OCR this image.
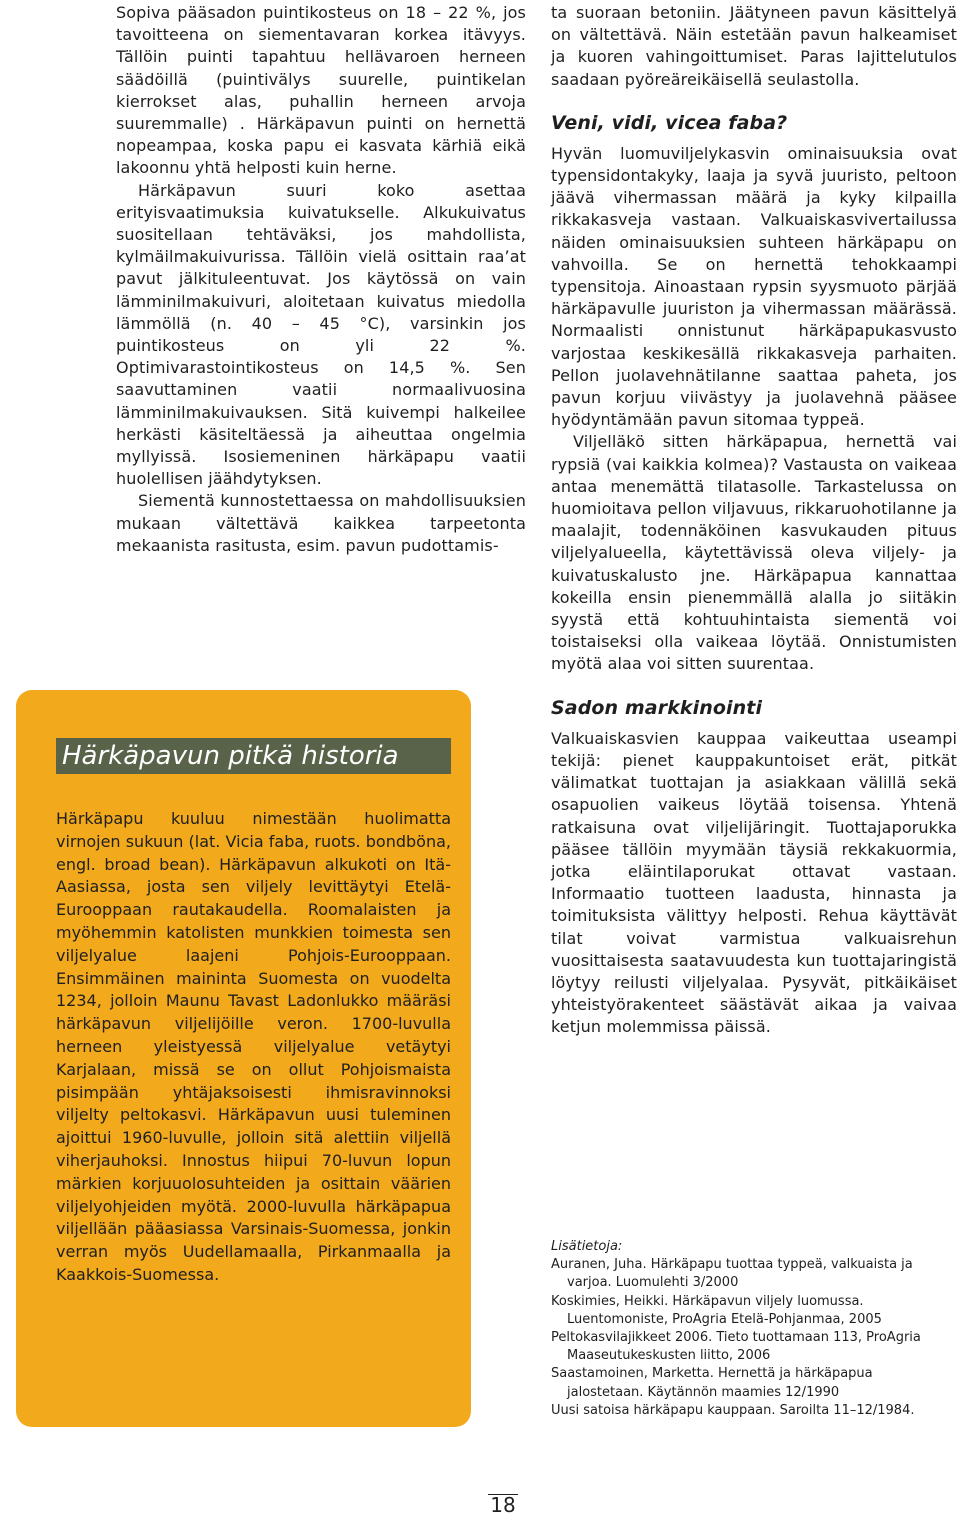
Sopiva pääsadon puintikosteus on 18 – 22 %, jos tavoitteena on siementavaran korkea itävyys. Tällöin puinti tapahtuu hellävaroen herneen säädöillä (puintivälys suurelle, puintikelan kierrokset alas, puhallin herneen arvoja suuremmalle) . Härkäpavun puinti on hernettä nopeampaa, koska papu ei kasvata kärhiä eikä lakoonnu yhtä helposti kuin herne.

Härkäpavun suuri koko asettaa erityisvaatimuksia kuivatukselle. Alkukuivatus suositellaan tehtäväksi, jos mahdollista, kylmäilmakuivurissa. Tällöin vielä osittain raa’at pavut jälkituleentuvat. Jos käytössä on vain lämminilmakuivuri, aloitetaan kuivatus miedolla lämmöllä (n. 40 – 45 °C), varsinkin jos puintikosteus on yli 22 %. Optimivarastointikosteus on 14,5 %. Sen saavuttaminen vaatii normaalivuosina lämminilmakuivauksen. Sitä kuivempi halkeilee herkästi käsiteltäessä ja aiheuttaa ongelmia myllyissä. Isosiemeninen härkäpapu vaatii huolellisen jäähdytyksen.

Siementä kunnostettaessa on mahdollisuuksien mukaan vältettävä kaikkea tarpeetonta mekaanista rasitusta, esim. pavun pudottamis-

Härkäpavun pitkä historia

Härkäpapu kuuluu nimestään huolimatta virnojen sukuun (lat. Vicia faba, ruots. bondböna, engl. broad bean). Härkäpavun alkukoti on Itä-Aasiassa, josta sen viljely levittäytyi Etelä-Eurooppaan rautakaudella. Roomalaisten ja myöhemmin katolisten munkkien toimesta sen viljelyalue laajeni Pohjois-Eurooppaan. Ensimmäinen maininta Suomesta on vuodelta 1234, jolloin Maunu Tavast Ladonlukko määräsi härkäpavun viljelijöille veron. 1700-luvulla herneen yleistyessä viljelyalue vetäytyi Karjalaan, missä se on ollut Pohjoismaista pisimpään yhtäjaksoisesti ihmisravinnoksi viljelty peltokasvi. Härkäpavun uusi tuleminen ajoittui 1960-luvulle, jolloin sitä alettiin viljellä viherjauhoksi. Innostus hiipui 70-luvun lopun märkien korjuuolosuhteiden ja osittain väärien viljelyohjeiden myötä. 2000-luvulla härkäpapua viljellään pääasiassa Varsinais-Suomessa, jonkin verran myös Uudellamaalla, Pirkanmaalla ja Kaakkois-Suomessa.

ta suoraan betoniin. Jäätyneen pavun käsittelyä on vältettävä. Näin estetään pavun halkeamiset ja kuoren vahingoittumiset. Paras lajittelutulos saadaan pyöreäreikäisellä seulastolla.

Veni, vidi, vicea faba?

Hyvän luomuviljelykasvin ominaisuuksia ovat typensidontakyky, laaja ja syvä juuristo, peltoon jäävä vihermassan määrä ja kyky kilpailla rikkakasveja vastaan. Valkuaiskasvivertailussa näiden ominaisuuksien suhteen härkäpapu on vahvoilla. Se on hernettä tehokkaampi typensitoja. Ainoastaan rypsin syysmuoto pärjää härkäpavulle juuriston ja vihermassan määrässä. Normaalisti onnistunut härkäpapukasvusto varjostaa keskikesällä rikkakasveja parhaiten. Pellon juolavehnätilanne saattaa paheta, jos pavun korjuu viivästyy ja juolavehnä pääsee hyödyntämään pavun sitomaa typpeä.

Viljelläkö sitten härkäpapua, hernettä vai rypsiä (vai kaikkia kolmea)? Vastausta on vaikeaa antaa menemättä tilatasolle. Tarkastelussa on huomioitava pellon viljavuus, rikkaruohotilanne ja maalajit, todennäköinen kasvukauden pituus viljelyalueella, käytettävissä oleva viljely- ja kuivatuskalusto jne. Härkäpapua kannattaa kokeilla ensin pienemmällä alalla jo siitäkin syystä että kohtuuhintaista siementä voi toistaiseksi olla vaikeaa löytää. Onnistumisten myötä alaa voi sitten suurentaa.

Sadon markkinointi

Valkuaiskasvien kauppaa vaikeuttaa useampi tekijä: pienet kauppakuntoiset erät, pitkät välimatkat tuottajan ja asiakkaan välillä sekä osapuolien vaikeus löytää toisensa. Yhtenä ratkaisuna ovat viljelijäringit. Tuottajaporukka pääsee tällöin myymään täysiä rekkakuormia, jotka eläintilaporukat ottavat vastaan. Informaatio tuotteen laadusta, hinnasta ja toimituksista välittyy helposti. Rehua käyttävät tilat voivat varmistua valkuaisrehun vuosittaisesta saatavuudesta kun tuottajaringistä löytyy reilusti viljelyalaa. Pysyvät, pitkäikäiset yhteistyörakenteet säästävät aikaa ja vaivaa ketjun molemmissa päissä.

Lisätietoja:
Auranen, Juha. Härkäpapu tuottaa typpeä, valkuaista ja varjoa. Luomulehti 3/2000
Koskimies, Heikki. Härkäpavun viljely luomussa. Luentomoniste, ProAgria Etelä-Pohjanmaa, 2005
Peltokasvilajikkeet 2006. Tieto tuottamaan 113, ProAgria Maaseutukeskusten liitto, 2006
Saastamoinen, Marketta. Hernettä ja härkäpapua jalostetaan. Käytännön maamies 12/1990
Uusi satoisa härkäpapu kauppaan. Saroilta 11–12/1984.
18
